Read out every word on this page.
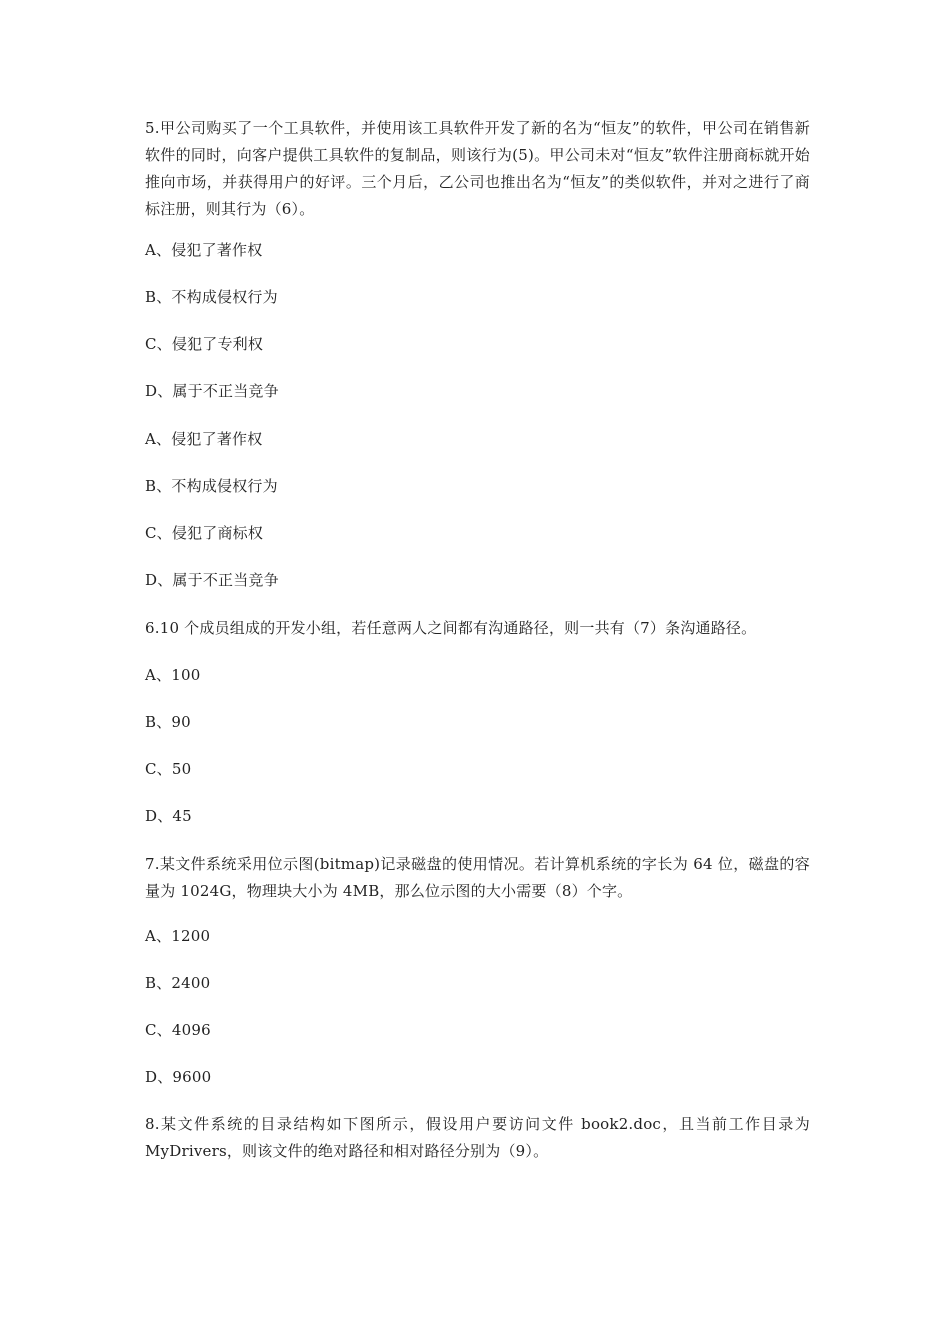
5.甲公司购买了一个工具软件，并使用该工具软件开发了新的名为“恒友”的软件，甲公司在销售新软件的同时，向客户提供工具软件的复制品，则该行为(5)。甲公司未对“恒友”软件注册商标就开始推向市场，并获得用户的好评。三个月后，乙公司也推出名为“恒友”的类似软件，并对之进行了商标注册，则其行为（6）。
A、侵犯了著作权
B、不构成侵权行为
C、侵犯了专利权
D、属于不正当竞争
A、侵犯了著作权
B、不构成侵权行为
C、侵犯了商标权
D、属于不正当竞争
6.10 个成员组成的开发小组，若任意两人之间都有沟通路径，则一共有（7）条沟通路径。
A、100
B、90
C、50
D、45
7.某文件系统采用位示图(bitmap)记录磁盘的使用情况。若计算机系统的字长为 64 位，磁盘的容量为 1024G，物理块大小为 4MB，那么位示图的大小需要（8）个字。
A、1200
B、2400
C、4096
D、9600
8.某文件系统的目录结构如下图所示，假设用户要访问文件 book2.doc，且当前工作目录为 MyDrivers，则该文件的绝对路径和相对路径分别为（9）。
